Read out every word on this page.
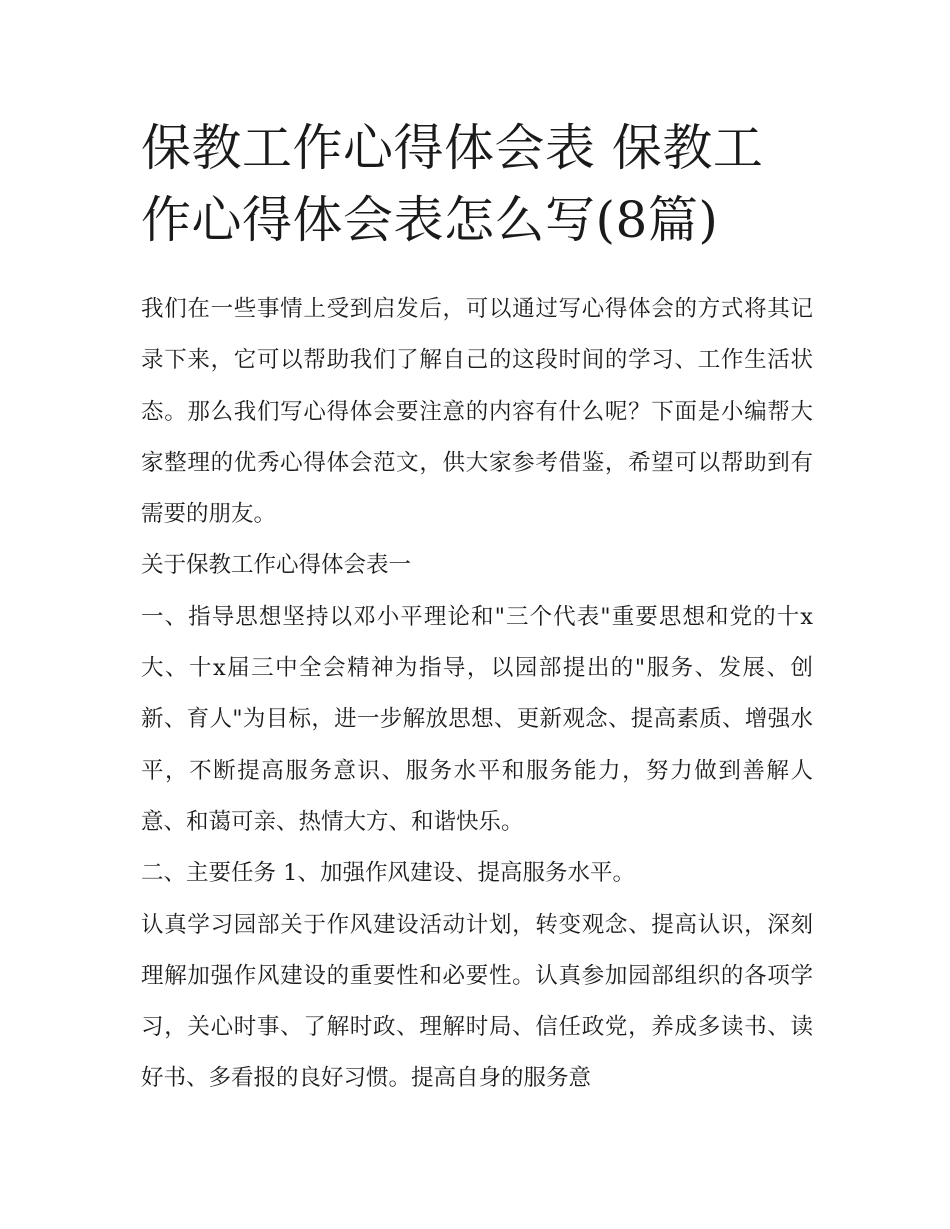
保教工作心得体会表 保教工作心得体会表怎么写(8篇)

我们在一些事情上受到启发后，可以通过写心得体会的方式将其记录下来，它可以帮助我们了解自己的这段时间的学习、工作生活状态。那么我们写心得体会要注意的内容有什么呢？下面是小编帮大家整理的优秀心得体会范文，供大家参考借鉴，希望可以帮助到有需要的朋友。

关于保教工作心得体会表一

一、指导思想坚持以邓小平理论和"三个代表"重要思想和党的十x大、十x届三中全会精神为指导，以园部提出的"服务、发展、创新、育人"为目标，进一步解放思想、更新观念、提高素质、增强水平，不断提高服务意识、服务水平和服务能力，努力做到善解人意、和蔼可亲、热情大方、和谐快乐。

二、主要任务 1、加强作风建设、提高服务水平。

认真学习园部关于作风建设活动计划，转变观念、提高认识，深刻理解加强作风建设的重要性和必要性。认真参加园部组织的各项学习，关心时事、了解时政、理解时局、信任政党，养成多读书、读好书、多看报的良好习惯。提高自身的服务意
